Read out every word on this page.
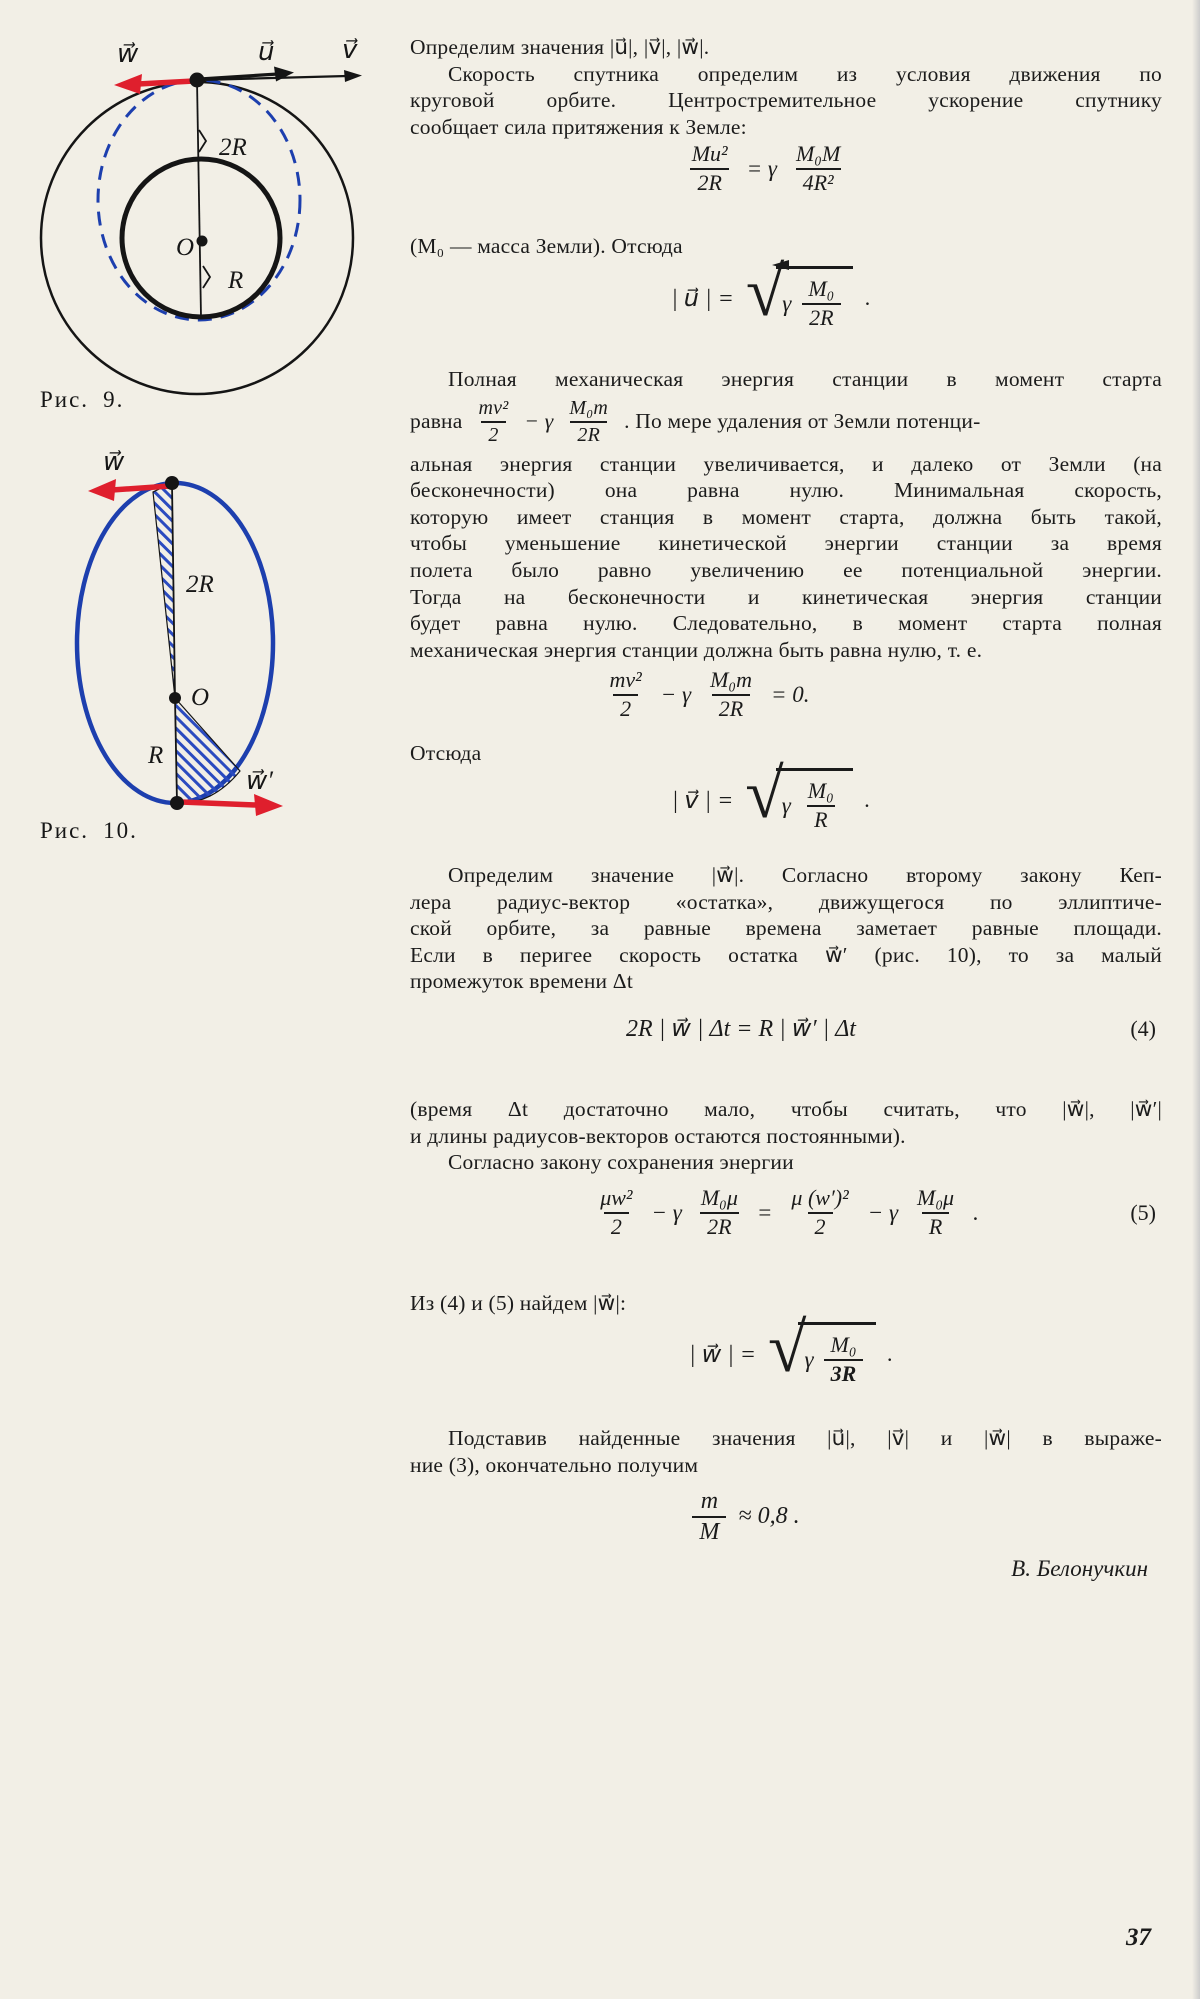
w⃗	u⃗	v⃗
2R
O
R
Рис. 9.
w⃗
2R
O
R
w⃗′
Рис. 10.
Определим значения |u⃗|, |v⃗|, |w⃗|.
Скорость спутника определим из условия движения по
круговой орбите. Центростремительное ускорение спутнику
сообщает сила притяжения к Земле:
$\frac{\text{Mu²}}{2R} = \gamma \frac{\text{M₀M}}{\text{4R²}}$
(M₀ — масса Земли). Отсюда
| u⃗ | = √
γ $\frac{\text{M₀}}{2R}$ .
Полная механическая энергия станции в момент старта
равна $\frac{\text{mv²}}{2} - \gamma \frac{\text{M₀m}}{2R}$ . По мере удаления от Земли потенци-
альная энергия станции увеличивается, и далеко от Земли (на
бесконечности) она равна нулю. Минимальная скорость,
которую имеет станция в момент старта, должна быть такой,
чтобы уменьшение кинетической энергии станции за время
полета было равно увеличению ее потенциальной энергии.
Тогда на бесконечности и кинетическая энергия станции
будет равна нулю. Следовательно, в момент старта полная
механическая энергия станции должна быть равна нулю, т. е.
$\frac{\text{mv²}}{2} - \gamma \frac{\text{M₀m}}{2R} = 0$.
Отсюда
| v⃗ | = √
γ $\frac{\text{M₀}}{R}$ .
Определим значение |w⃗|. Согласно второму закону Кеп-
лера радиус-вектор «остатка», движущегося по эллиптиче-
ской орбите, за равные времена заметает равные площади.
Если в перигее скорость остатка w⃗′ (рис. 10), то за малый
промежуток времени Δt
2R | w⃗ | Δt = R | w⃗′ | Δt	(4)
(время Δt достаточно мало, чтобы считать, что |w⃗|, |w⃗′|
и длины радиусов-векторов остаются постоянными).
Согласно закону сохранения энергии
$\frac{\text{μw²}}{2} - \gamma \frac{\text{M₀μ}}{2R} = \frac{\text{μ (w′)²}}{2} - \gamma \frac{\text{M₀μ}}{R}$ .	(5)
Из (4) и (5) найдем |w⃗|:
| w⃗ | = √
γ $\frac{\text{M₀}}{3R}$ .
Подставив найденные значения |u⃗|, |v⃗| и |w⃗| в выраже-
ние (3), окончательно получим
$\frac{m}{M} \approx 0,8$ .
В. Белонучкин
37
